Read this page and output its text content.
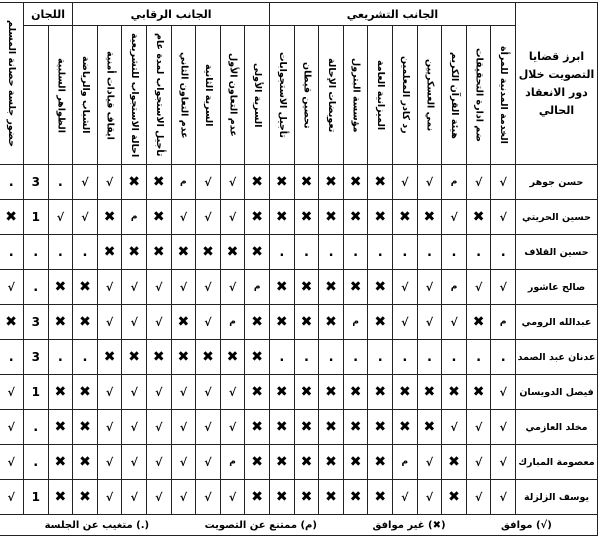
ابرز قضايا التصويت خلال دور الانعقاد الحالي	الجانب التشريعي										الجانب الرقابي								اللجان		حضور جلسة حصانة المسلم

	الخدمة المدنية للمرأة	ضم ادارة التحقيقات	هيئة القرآن الكريم	نمي العسكريين	رد كادر المعلمين	الميزانية العامة	مؤسسة البترول	تعويضات الإحالة	تحصين قيطان	تأجيل الاستجوابات	السرية الأولى	عدم التعاون الأول	السرية الثانية	عدم التعاون الثاني	تأجيل الاستجواب لمدة عام	احالة الاستجواب للتشريعية	ايقاف قيادات أمنية	الشباب والرياضة	الظواهر السلبية			

حسن جوهر	√	√	م	√	√	✖	✖	✖	✖	✖	✖	√	√	م	✖	✖	√	√	.	3	.	
حسين الحريتي	√	✖	√	✖	✖	✖	✖	✖	✖	✖	✖	√	√	√	✖	م	✖	√	√	1	✖	
حسين القلاف	.	.	.	.	.	.	.	.	.	.	✖	✖	✖	✖	✖	✖	✖	.	.	.	.	
صالح عاشور	√	√	م	√	√	✖	✖	✖	✖	✖	م	√	√	√	√	√	√	✖	✖	.	√	
عبدالله الرومي	م	✖	√	√	√	✖	م	✖	✖	✖	✖	م	√	✖	√	√	√	✖	✖	3	✖	
عدنان عبد الصمد	.	.	.	.	.	.	.	.	.	.	✖	✖	✖	✖	✖	✖	✖	.	.	3	.	
فيصل الدويسان	√	✖	✖	✖	✖	✖	✖	✖	✖	✖	✖	√	√	√	√	√	√	✖	✖	1	√	
مخلد العازمي	√	√	√	✖	✖	✖	✖	✖	✖	✖	✖	√	√	√	√	√	√	✖	✖	.	√	
معصومة المبارك	√	√	✖	√	م	✖	✖	✖	✖	✖	✖	م	√	√	√	√	√	✖	✖	.	√	
يوسف الزلزلة	√	√	✖	√	√	✖	✖	✖	✖	✖	✖	√	√	√	√	√	√	✖	✖	1	√	
(√) موافق (✖) غير موافق (م) ممتنع عن التصويت (.) متغيب عن الجلسة																						
